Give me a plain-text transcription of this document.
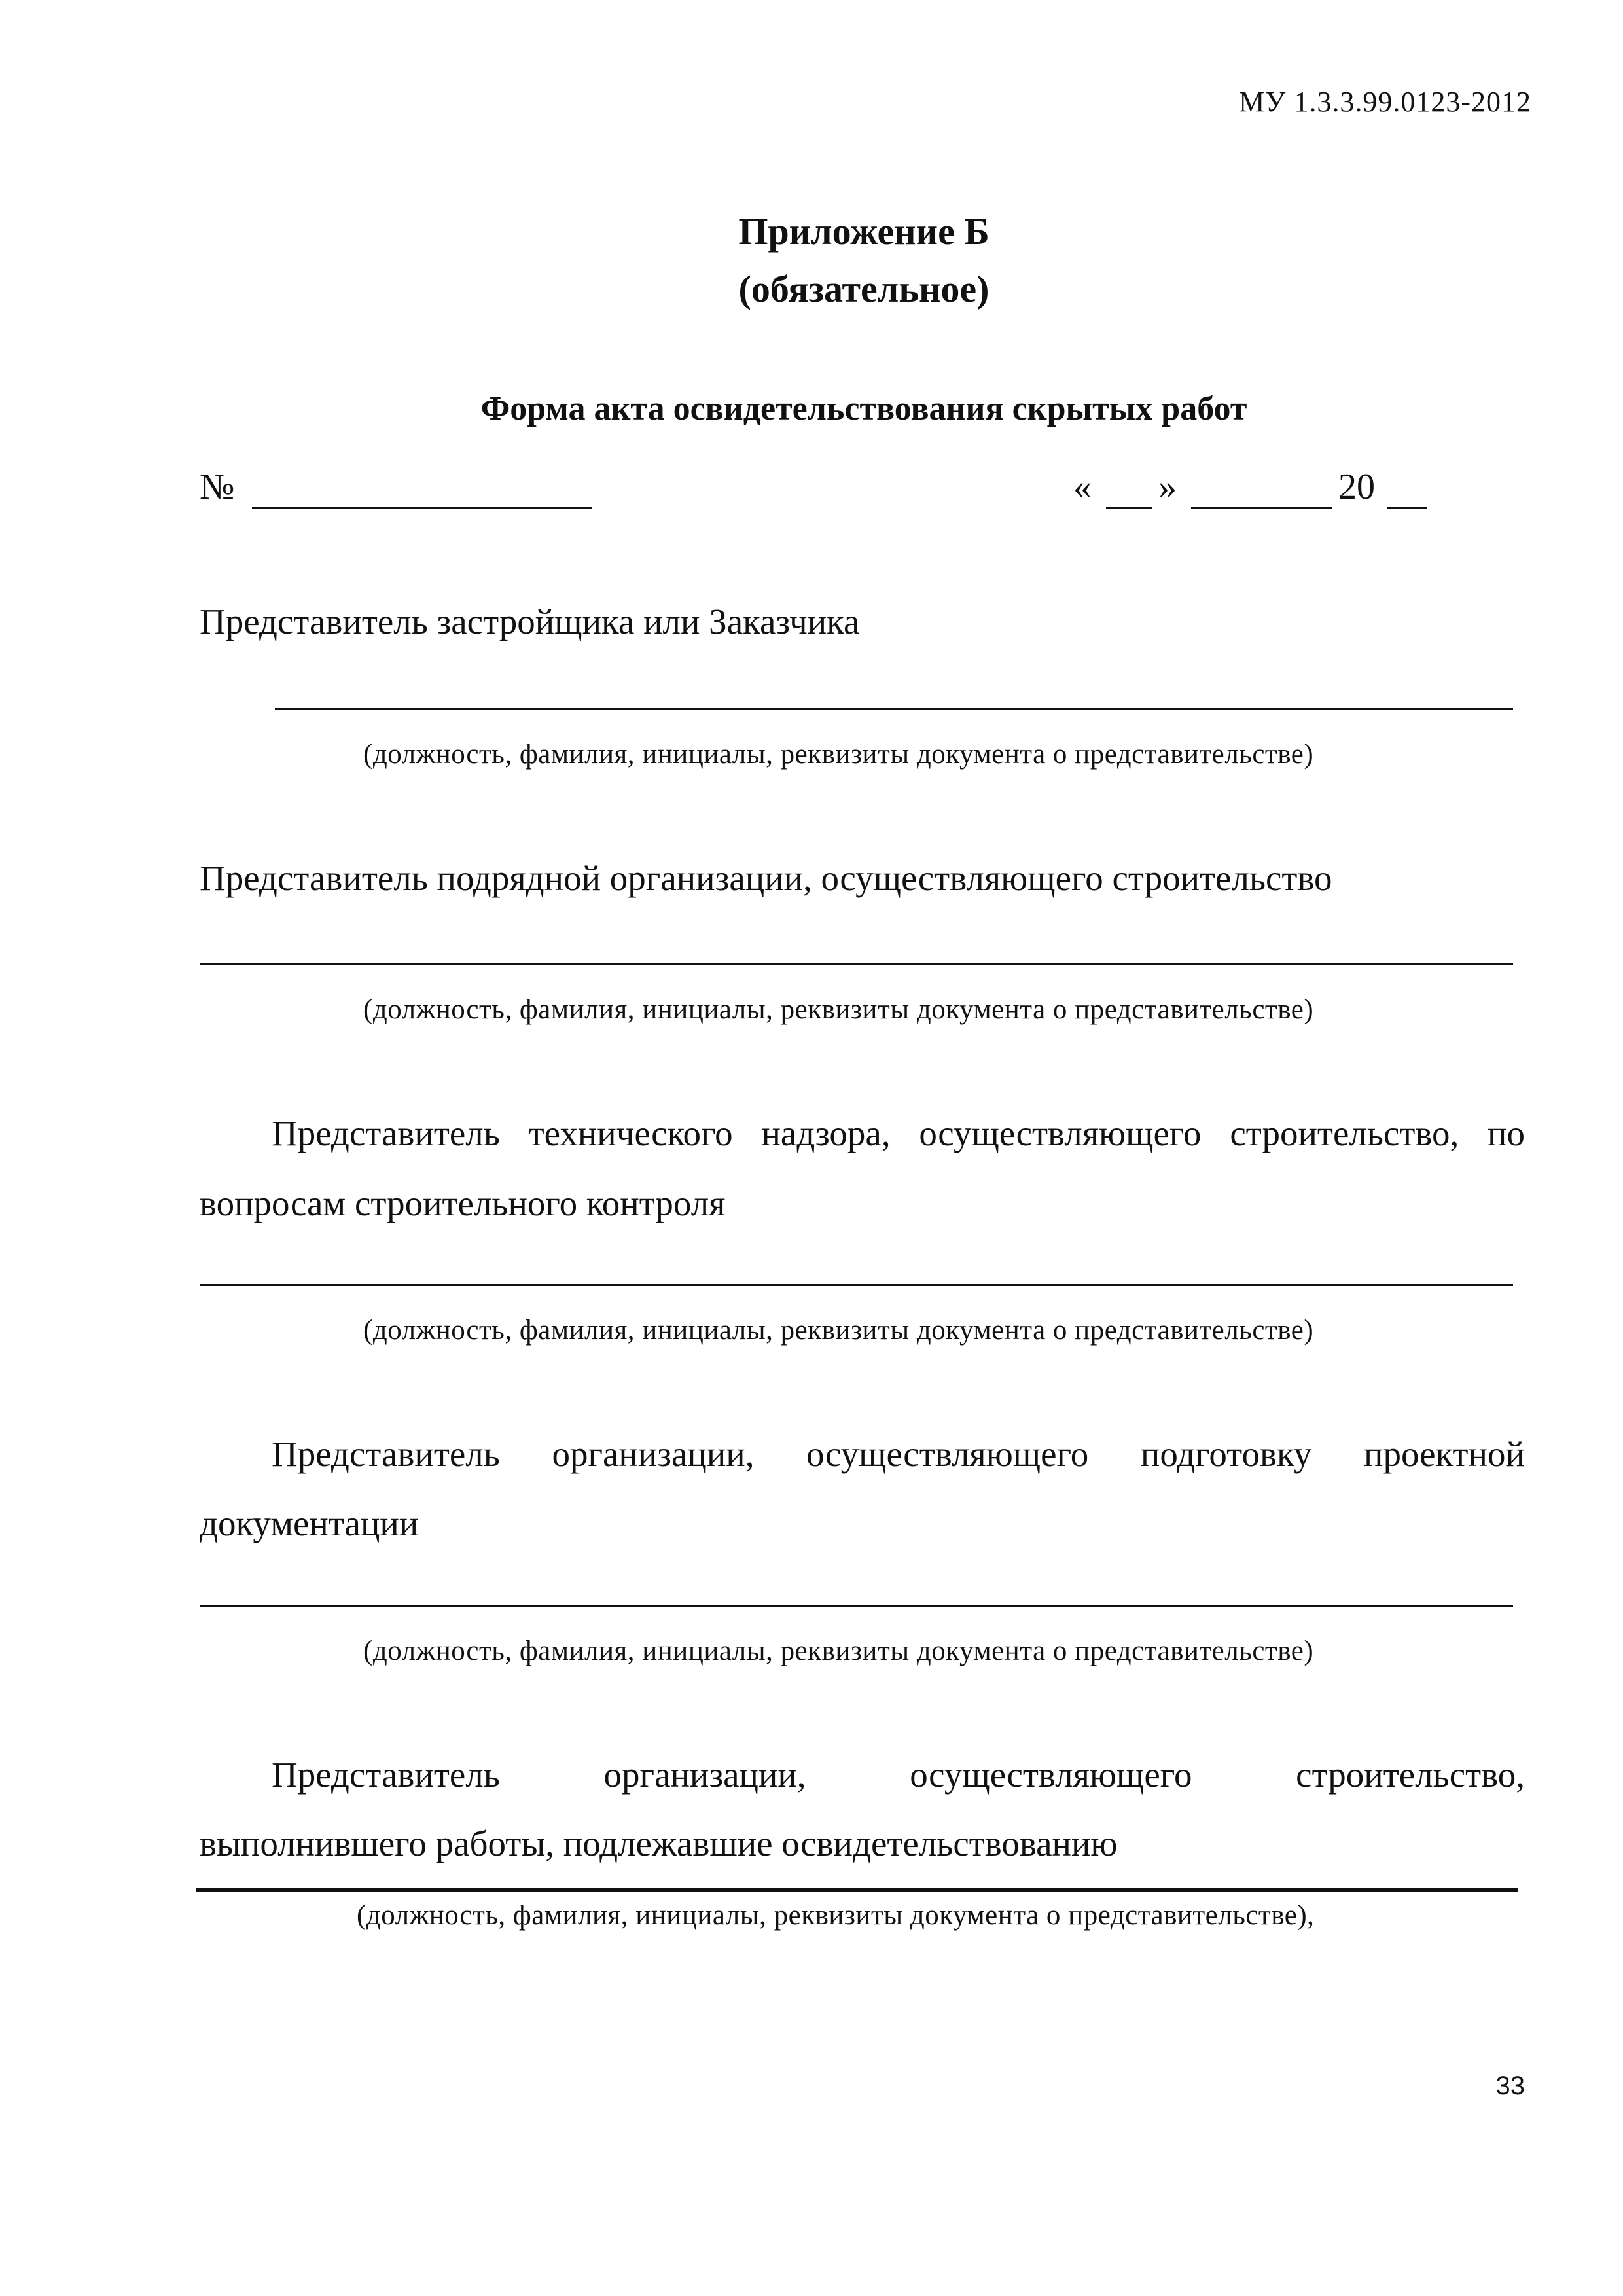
МУ 1.3.3.99.0123-2012
Приложение Б
(обязательное)
Форма акта освидетельствования скрытых работ
№	« »	20
Представитель застройщика или Заказчика
(должность, фамилия, инициалы, реквизиты документа о представительстве)
Представитель подрядной организации, осуществляющего строительство
(должность, фамилия, инициалы, реквизиты документа о представительстве)
Представитель технического надзора, осуществляющего строительство, по
вопросам строительного контроля
(должность, фамилия, инициалы, реквизиты документа о представительстве)
Представитель организации, осуществляющего подготовку проектной
документации
(должность, фамилия, инициалы, реквизиты документа о представительстве)
Представитель	организации,	осуществляющего	строительство,
выполнившего работы, подлежавшие освидетельствованию
(должность, фамилия, инициалы, реквизиты документа о представительстве),
33
